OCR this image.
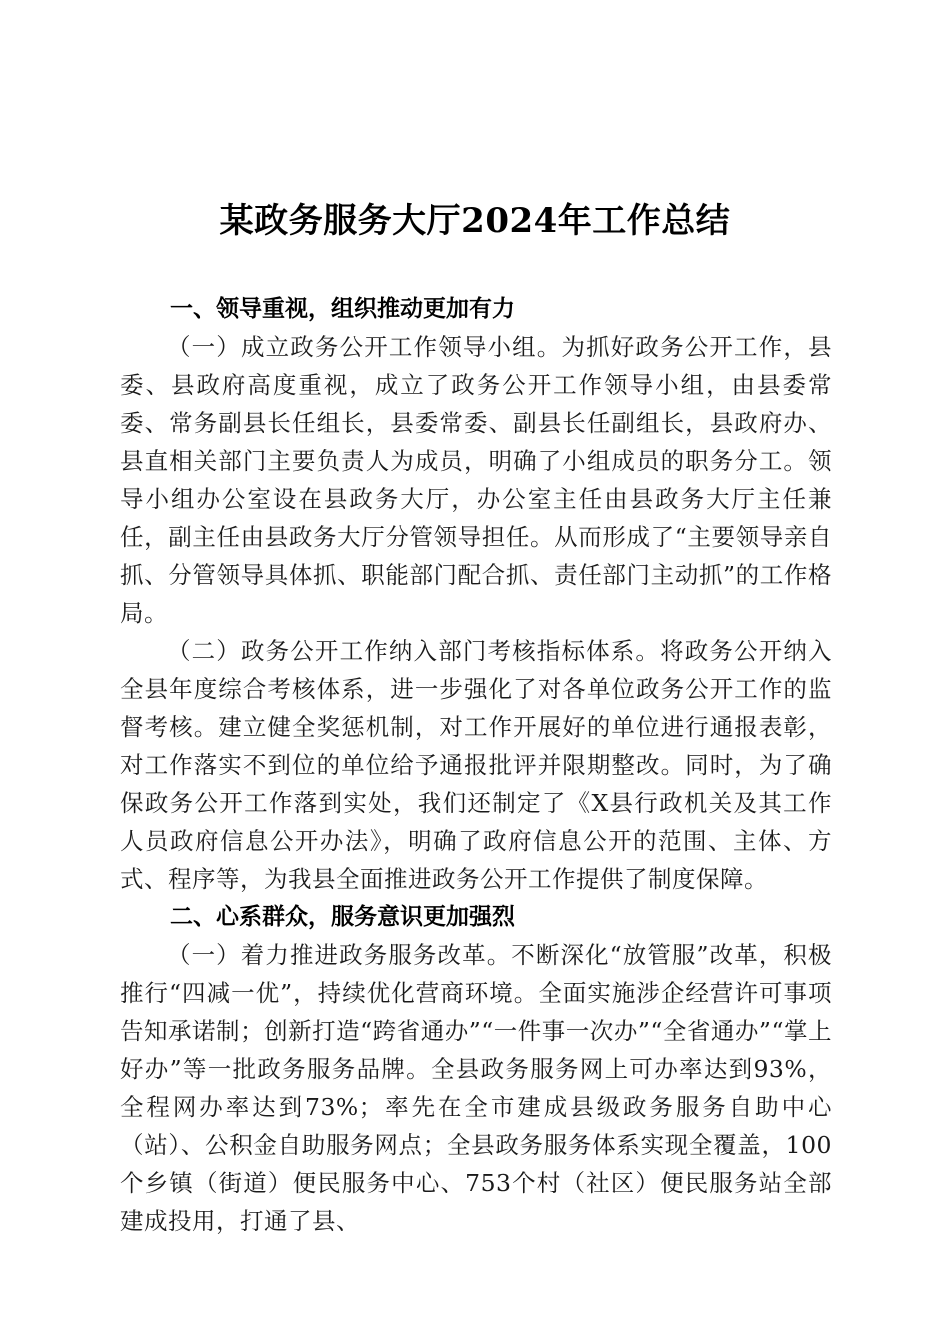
某政务服务大厅2024年工作总结

一、领导重视，组织推动更加有力

（一）成立政务公开工作领导小组。为抓好政务公开工作，县委、县政府高度重视，成立了政务公开工作领导小组，由县委常委、常务副县长任组长，县委常委、副县长任副组长，县政府办、县直相关部门主要负责人为成员，明确了小组成员的职务分工。领导小组办公室设在县政务大厅，办公室主任由县政务大厅主任兼任，副主任由县政务大厅分管领导担任。从而形成了“主要领导亲自抓、分管领导具体抓、职能部门配合抓、责任部门主动抓”的工作格局。

（二）政务公开工作纳入部门考核指标体系。将政务公开纳入全县年度综合考核体系，进一步强化了对各单位政务公开工作的监督考核。建立健全奖惩机制，对工作开展好的单位进行通报表彰，对工作落实不到位的单位给予通报批评并限期整改。同时，为了确保政务公开工作落到实处，我们还制定了《X县行政机关及其工作人员政府信息公开办法》，明确了政府信息公开的范围、主体、方式、程序等，为我县全面推进政务公开工作提供了制度保障。

二、心系群众，服务意识更加强烈

（一）着力推进政务服务改革。不断深化“放管服”改革，积极推行“四减一优”，持续优化营商环境。全面实施涉企经营许可事项告知承诺制；创新打造“跨省通办”“一件事一次办”“全省通办”“掌上好办”等一批政务服务品牌。全县政务服务网上可办率达到93%，全程网办率达到73%；率先在全市建成县级政务服务自助中心（站）、公积金自助服务网点；全县政务服务体系实现全覆盖，100个乡镇（街道）便民服务中心、753个村（社区）便民服务站全部建成投用，打通了县、
